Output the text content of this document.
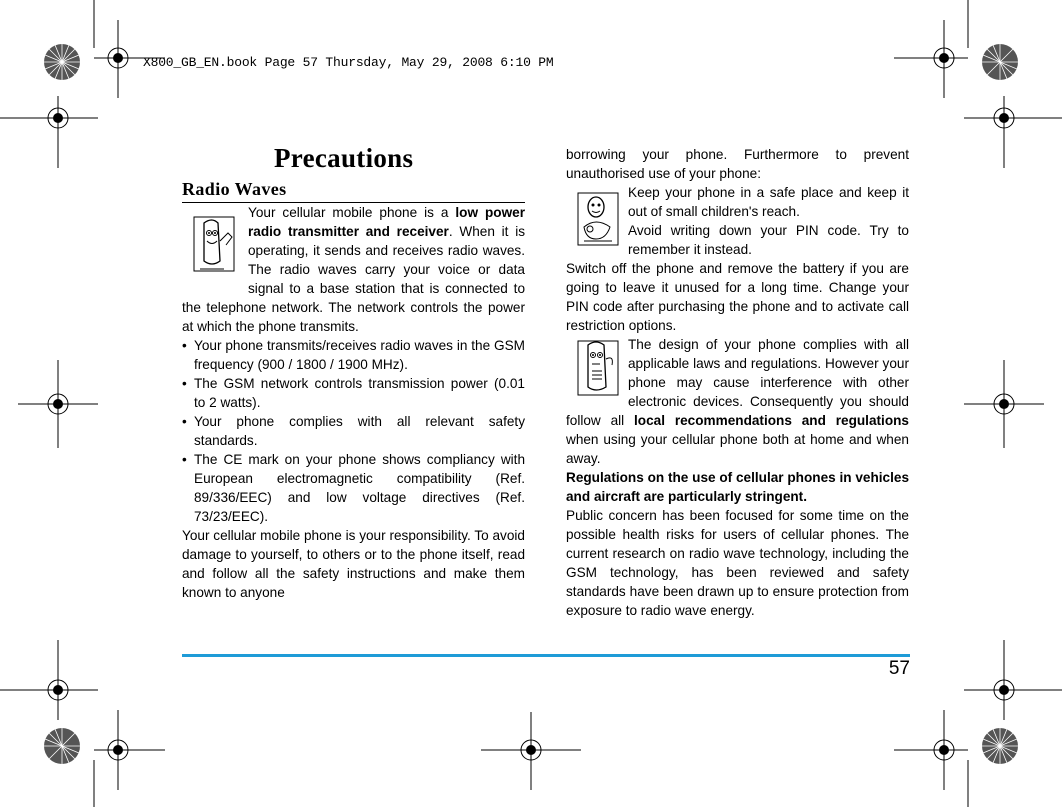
X800_GB_EN.book Page 57 Thursday, May 29, 2008 6:10 PM
Precautions
Radio Waves

Your cellular mobile phone is a low power radio transmitter and receiver. When it is operating, it sends and receives radio waves. The radio waves carry your voice or data signal to a base station that is connected to the telephone network. The network controls the power at which the phone transmits.

• Your phone transmits/receives radio waves in the GSM frequency (900 / 1800 / 1900 MHz).
• The GSM network controls transmission power (0.01 to 2 watts).
• Your phone complies with all relevant safety standards.
• The CE mark on your phone shows compliancy with European electromagnetic compatibility (Ref. 89/336/EEC) and low voltage directives (Ref. 73/23/EEC).

Your cellular mobile phone is your responsibility. To avoid damage to yourself, to others or to the phone itself, read and follow all the safety instructions and make them known to anyone

borrowing your phone. Furthermore to prevent unauthorised use of your phone:

Keep your phone in a safe place and keep it out of small children's reach.

Avoid writing down your PIN code. Try to remember it instead.

Switch off the phone and remove the battery if you are going to leave it unused for a long time. Change your PIN code after purchasing the phone and to activate call restriction options.

The design of your phone complies with all applicable laws and regulations. However your phone may cause interference with other electronic devices. Consequently you should follow all local recommendations and regulations when using your cellular phone both at home and when away.

Regulations on the use of cellular phones in vehicles and aircraft are particularly stringent.

Public concern has been focused for some time on the possible health risks for users of cellular phones. The current research on radio wave technology, including the GSM technology, has been reviewed and safety standards have been drawn up to ensure protection from exposure to radio wave energy.

57
